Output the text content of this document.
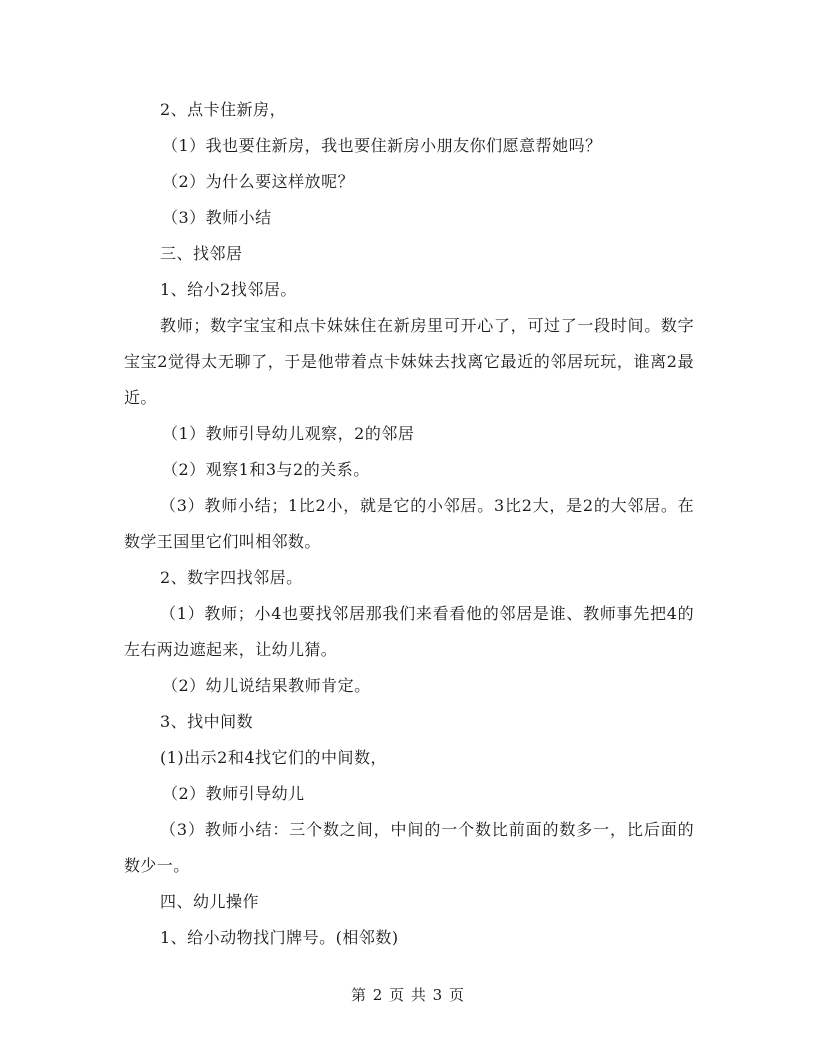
2、点卡住新房，

（1）我也要住新房，我也要住新房小朋友你们愿意帮她吗？

（2）为什么要这样放呢？

（3）教师小结

三、找邻居

1、给小2找邻居。

教师；数字宝宝和点卡妹妹住在新房里可开心了，可过了一段时间。数字宝宝2觉得太无聊了，于是他带着点卡妹妹去找离它最近的邻居玩玩，谁离2最近。

（1）教师引导幼儿观察，2的邻居

（2）观察1和3与2的关系。

（3）教师小结；1比2小，就是它的小邻居。3比2大，是2的大邻居。在数学王国里它们叫相邻数。

2、数字四找邻居。

（1）教师；小4也要找邻居那我们来看看他的邻居是谁、教师事先把4的左右两边遮起来，让幼儿猜。

（2）幼儿说结果教师肯定。

3、找中间数

(1)出示2和4找它们的中间数，

（2）教师引导幼儿

（3）教师小结：三个数之间，中间的一个数比前面的数多一，比后面的数少一。

四、幼儿操作

1、给小动物找门牌号。(相邻数)

第 2 页 共 3 页
